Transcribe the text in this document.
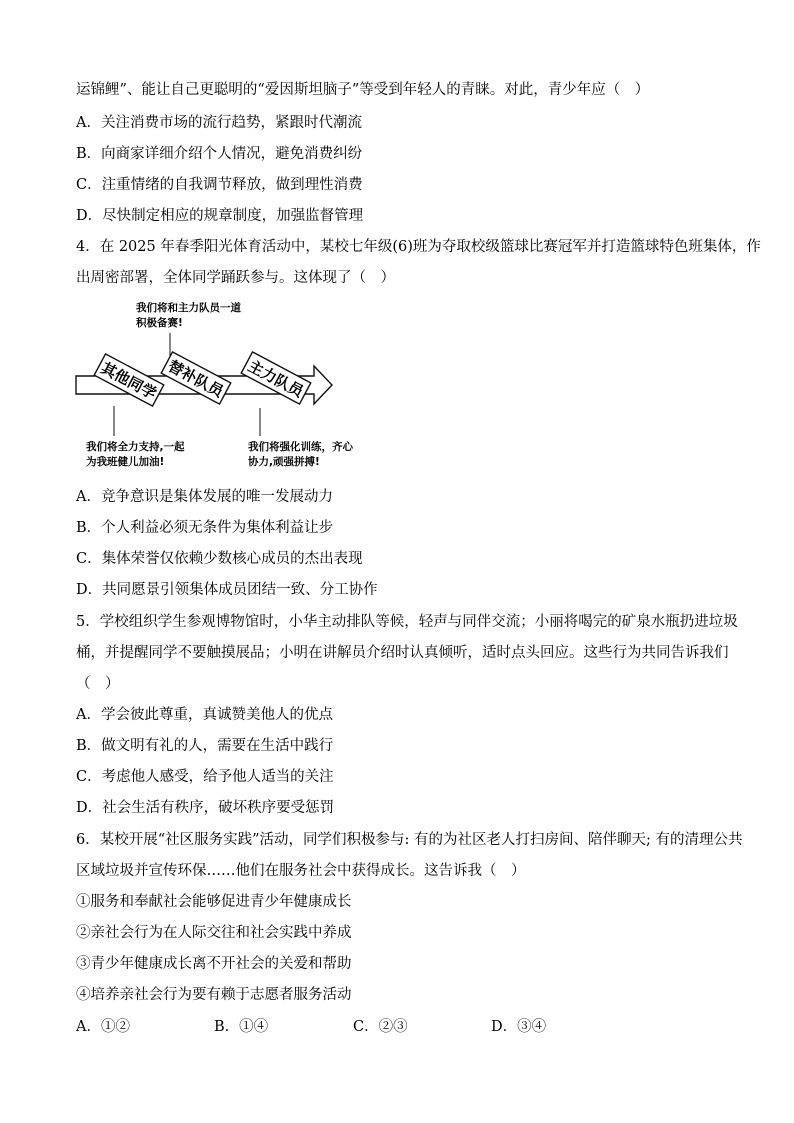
运锦鲤”、能让自己更聪明的“爱因斯坦脑子”等受到年轻人的青睐。对此，青少年应（　）
A．关注消费市场的流行趋势，紧跟时代潮流
B．向商家详细介绍个人情况，避免消费纠纷
C．注重情绪的自我调节释放，做到理性消费
D．尽快制定相应的规章制度，加强监督管理
4．在 2025 年春季阳光体育活动中，某校七年级(6)班为夺取校级篮球比赛冠军并打造篮球特色班集体，作
出周密部署，全体同学踊跃参与。这体现了（　）
我们将和主力队员一道
积极备赛!
其他同学 替补队员 主力队员
我们将全力支持,一起
为我班健儿加油!
我们将强化训练，齐心
协力,顽强拼搏!
A．竞争意识是集体发展的唯一发展动力
B．个人利益必须无条件为集体利益让步
C．集体荣誉仅依赖少数核心成员的杰出表现
D．共同愿景引领集体成员团结一致、分工协作
5．学校组织学生参观博物馆时，小华主动排队等候，轻声与同伴交流；小丽将喝完的矿泉水瓶扔进垃圾
桶，并提醒同学不要触摸展品；小明在讲解员介绍时认真倾听，适时点头回应。这些行为共同告诉我们
（　）
A．学会彼此尊重，真诚赞美他人的优点
B．做文明有礼的人，需要在生活中践行
C．考虑他人感受，给予他人适当的关注
D．社会生活有秩序，破坏秩序要受惩罚
6．某校开展“社区服务实践”活动，同学们积极参与: 有的为社区老人打扫房间、陪伴聊天; 有的清理公共
区域垃圾并宣传环保……他们在服务社会中获得成长。这告诉我（　）
①服务和奉献社会能够促进青少年健康成长
②亲社会行为在人际交往和社会实践中养成
③青少年健康成长离不开社会的关爱和帮助
④培养亲社会行为要有赖于志愿者服务活动
A．①②	B．①④	C．②③	D．③④
